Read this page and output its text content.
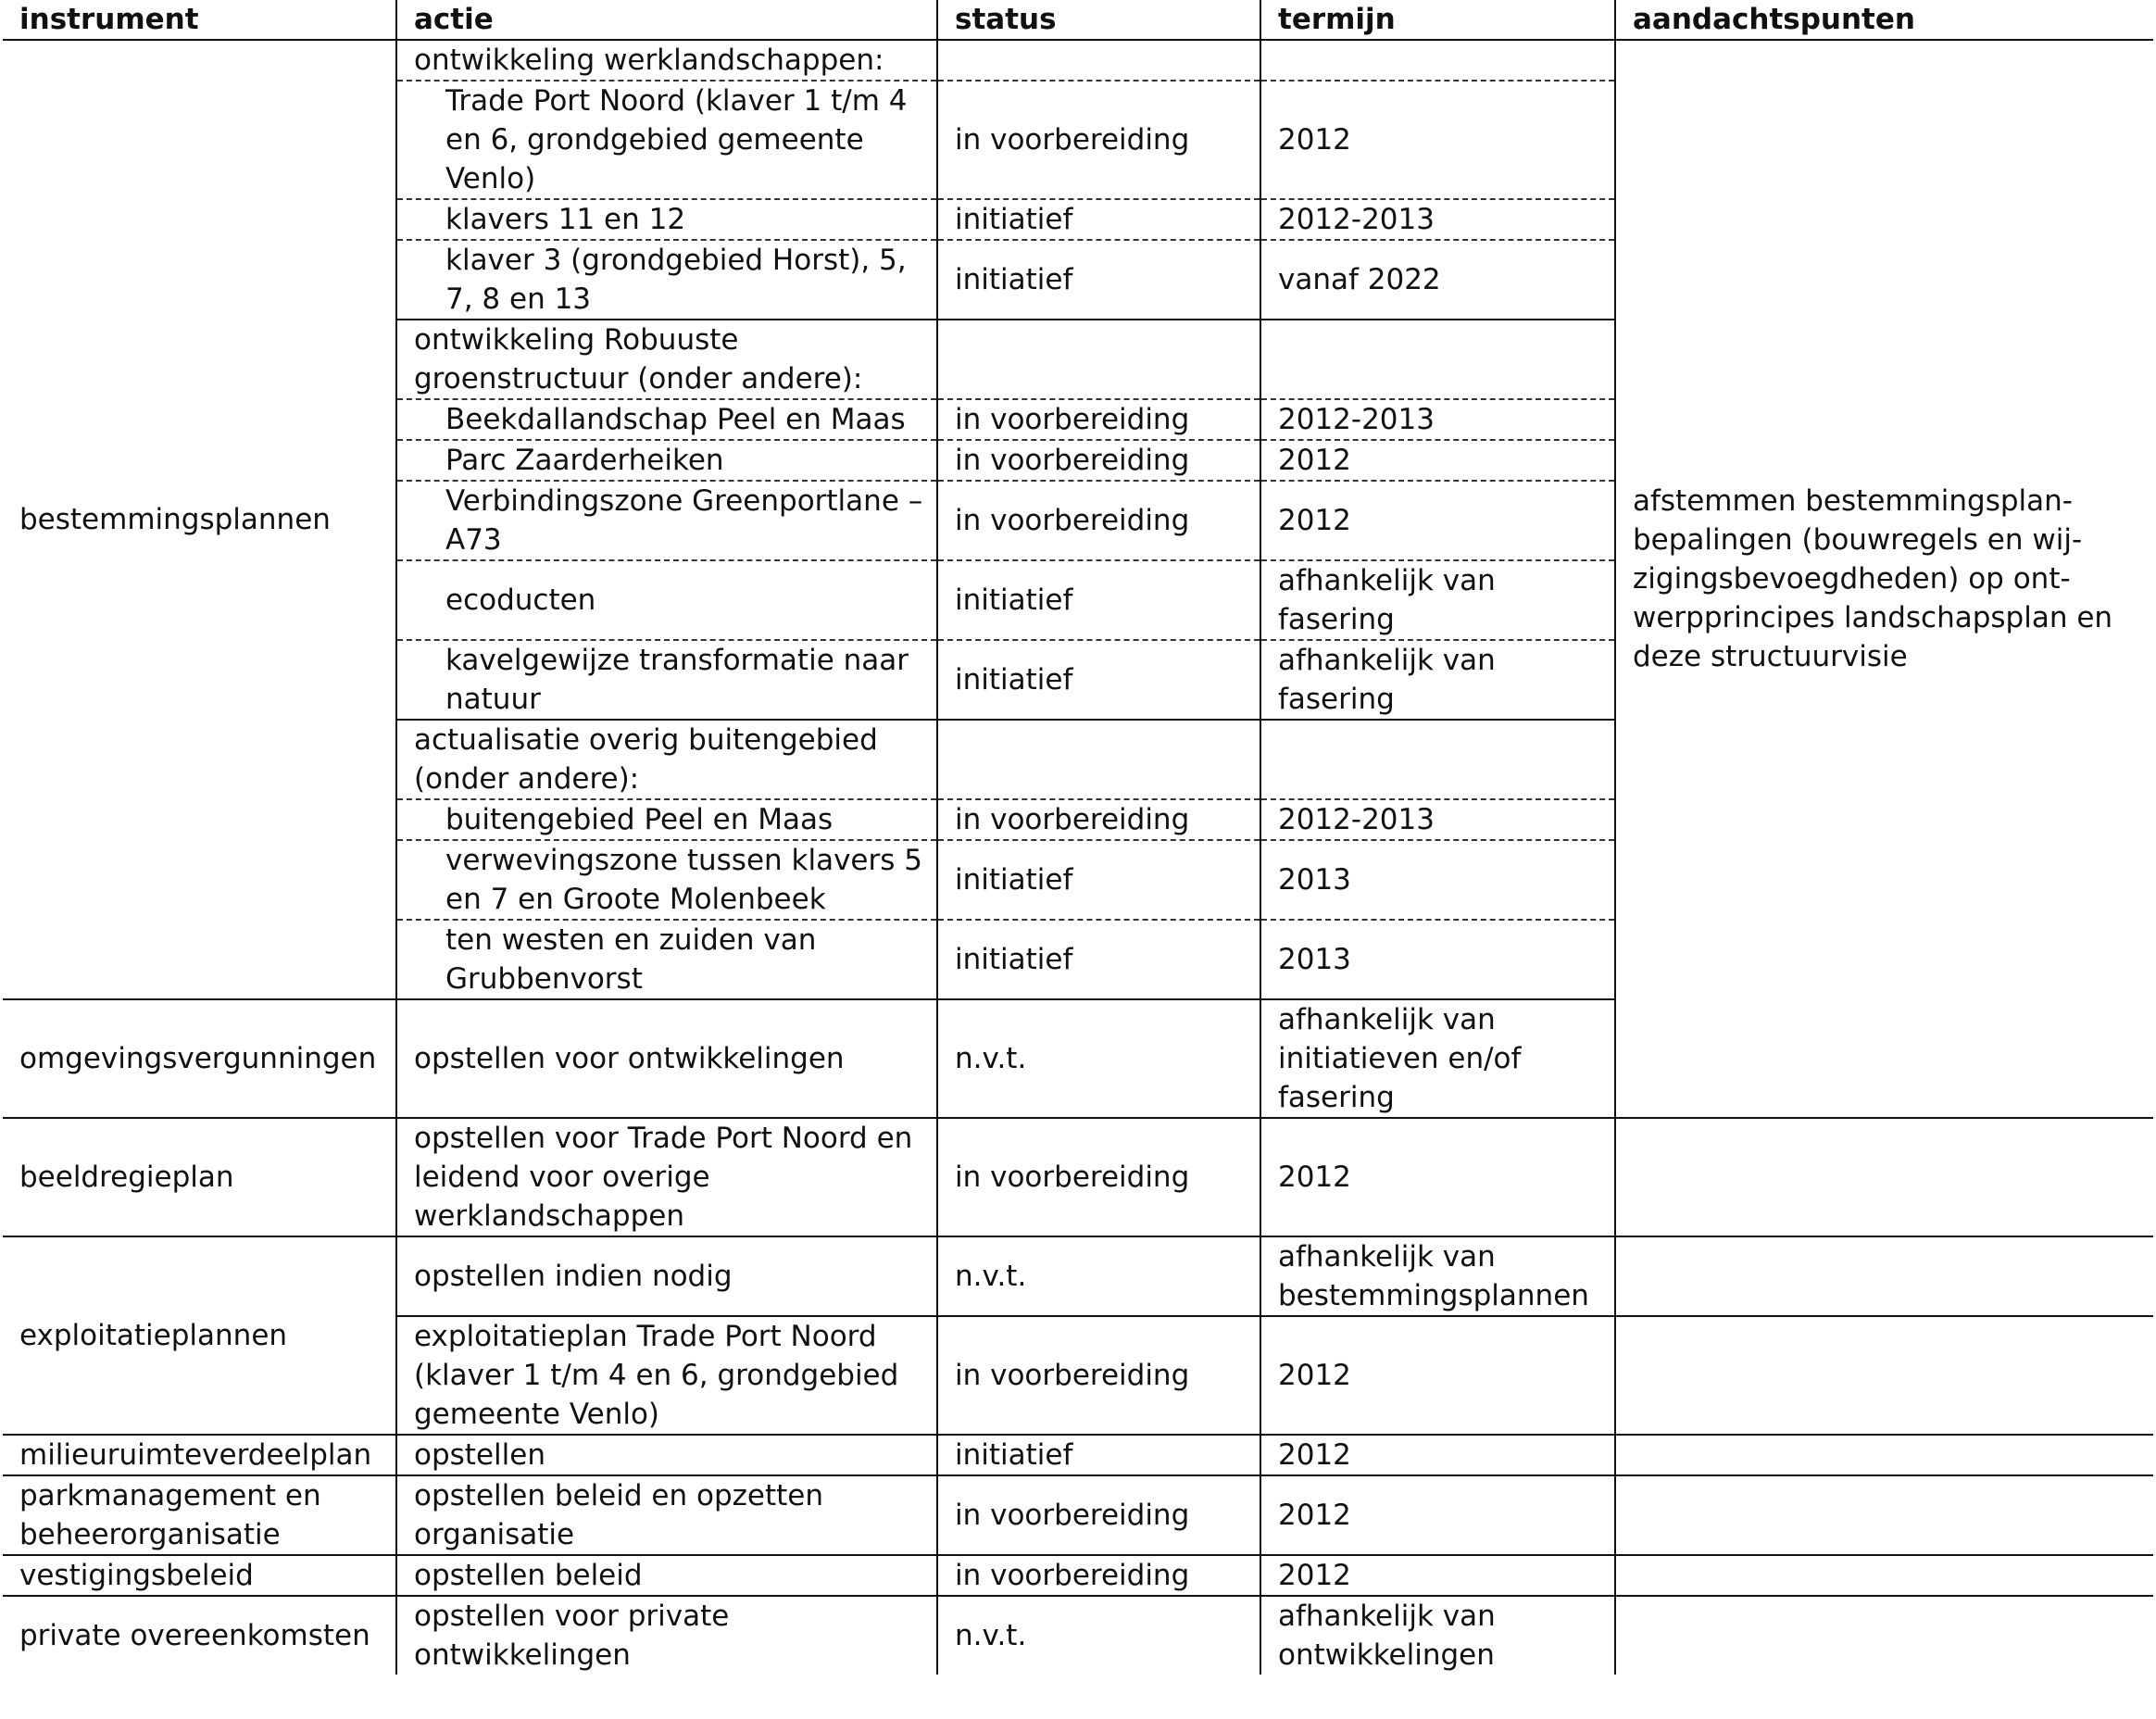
instrument	actie	status	termijn	aandachtspunten
bestemmingsplannen	ontwikkeling werklandschappen:			afstemmen bestemmingsplan-bepalingen (bouwregels en wij-zigingsbevoegdheden) op ont-werpprincipes landschapsplan en deze structuurvisie
	Trade Port Noord (klaver 1 t/m 4 en 6, grondgebied gemeente Venlo)	in voorbereiding	2012	
	klavers 11 en 12	initiatief	2012-2013	
	klaver 3 (grondgebied Horst), 5, 7, 8 en 13	initiatief	vanaf 2022	
	ontwikkeling Robuuste groenstructuur (onder andere):			
	Beekdallandschap Peel en Maas	in voorbereiding	2012-2013	
	Parc Zaarderheiken	in voorbereiding	2012	
	Verbindingszone Greenportlane – A73	in voorbereiding	2012	
	ecoducten	initiatief	afhankelijk van fasering	
	kavelgewijze transformatie naar natuur	initiatief	afhankelijk van fasering	
	actualisatie overig buitengebied (onder andere):			
	buitengebied Peel en Maas	in voorbereiding	2012-2013	
	verwevingszone tussen klavers 5 en 7 en Groote Molenbeek	initiatief	2013	
	ten westen en zuiden van Grubbenvorst	initiatief	2013	
omgevingsvergunningen	opstellen voor ontwikkelingen	n.v.t.	afhankelijk van initiatieven en/of fasering	
beeldregieplan	opstellen voor Trade Port Noord en leidend voor overige werklandschappen	in voorbereiding	2012	
exploitatieplannen	opstellen indien nodig	n.v.t.	afhankelijk van bestemmingsplannen	
	exploitatieplan Trade Port Noord (klaver 1 t/m 4 en 6, grondgebied gemeente Venlo)	in voorbereiding	2012	
milieuruimteverdeelplan	opstellen	initiatief	2012	
parkmanagement en beheerorganisatie	opstellen beleid en opzetten organisatie	in voorbereiding	2012	
vestigingsbeleid	opstellen beleid	in voorbereiding	2012	
private overeenkomsten	opstellen voor private ontwikkelingen	n.v.t.	afhankelijk van ontwikkelingen	
